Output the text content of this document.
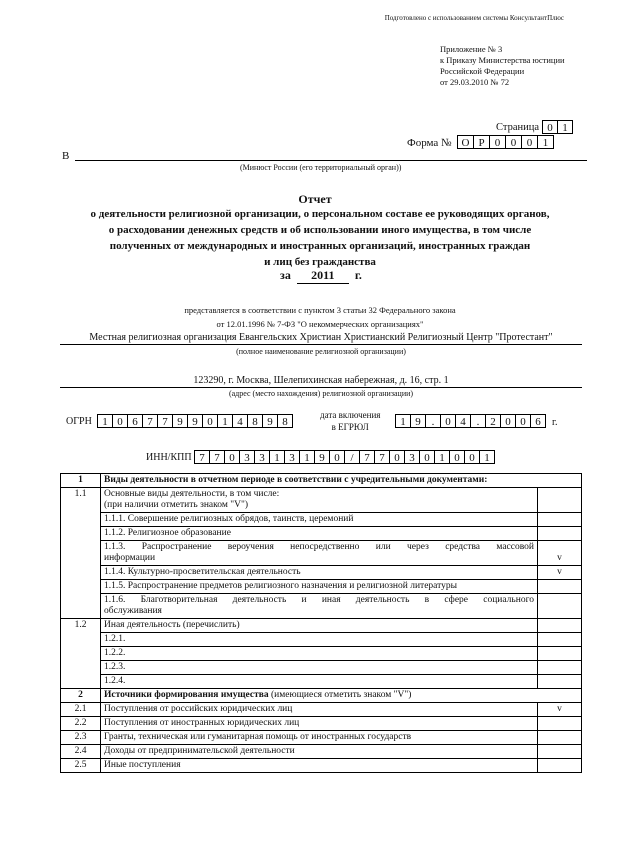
Подготовлено с использованием системы КонсультантПлюс
Приложение № 3
к Приказу Министерства юстиции
Российской Федерации
от 29.03.2010 № 72
Страница 0 1
Форма № О Р 0 0 0 1
В
(Минюст России (его территориальный орган))
Отчет
о деятельности религиозной организации, о персональном составе ее руководящих органов,
о расходовании денежных средств и об использовании иного имущества, в том числе
полученных от международных и иностранных организаций, иностранных граждан
и лиц без гражданства
за 2011 г.
представляется в соответствии с пунктом 3 статьи 32 Федерального закона
от 12.01.1996 № 7-ФЗ "О некоммерческих организациях"
Местная религиозная организация Евангельских Христиан Христианский Религиозный Центр "Протестант"
(полное наименование религиозной организации)
123290, г. Москва, Шелепихинская набережная, д. 16, стр. 1
(адрес (место нахождения) религиозной организации)
ОГРН 1 0 6 7 7 9 9 0 1 4 8 9 8
дата включения
в ЕГРЮЛ	1 9 . 0 4 . 2 0 0 6	г.
ИНН/КПП 7 7 0 3 3 1 3 1 9 0 / 7 7 0 3 0 1 0 0 1
1	Виды деятельности в отчетном периоде в соответствии с учредительными документами:	
1.1	Основные виды деятельности, в том числе:
(при наличии отметить знаком "V")	

	1.1.1. Совершение религиозных обрядов, таинств, церемоний	
	1.1.2. Религиозное образование	

	1.1.3. Распространение вероучения непосредственно или через средства массовой
информации	v
	1.1.4. Культурно-просветительская деятельность	v
	1.1.5. Распространение предметов религиозного назначения и религиозной литературы	

	1.1.6. Благотворительная деятельность и иная деятельность в сфере социального
обслуживания	

1.2	Иная деятельность (перечислить)	
	1.2.1.	
	1.2.2.	
	1.2.3.	
	1.2.4.	
2	Источники формирования имущества (имеющиеся отметить знаком "V")	
2.1	Поступления от российских юридических лиц	v
2.2	Поступления от иностранных юридических лиц	
2.3	Гранты, техническая или гуманитарная помощь от иностранных государств	
2.4	Доходы от предпринимательской деятельности	
2.5	Иные поступления	
